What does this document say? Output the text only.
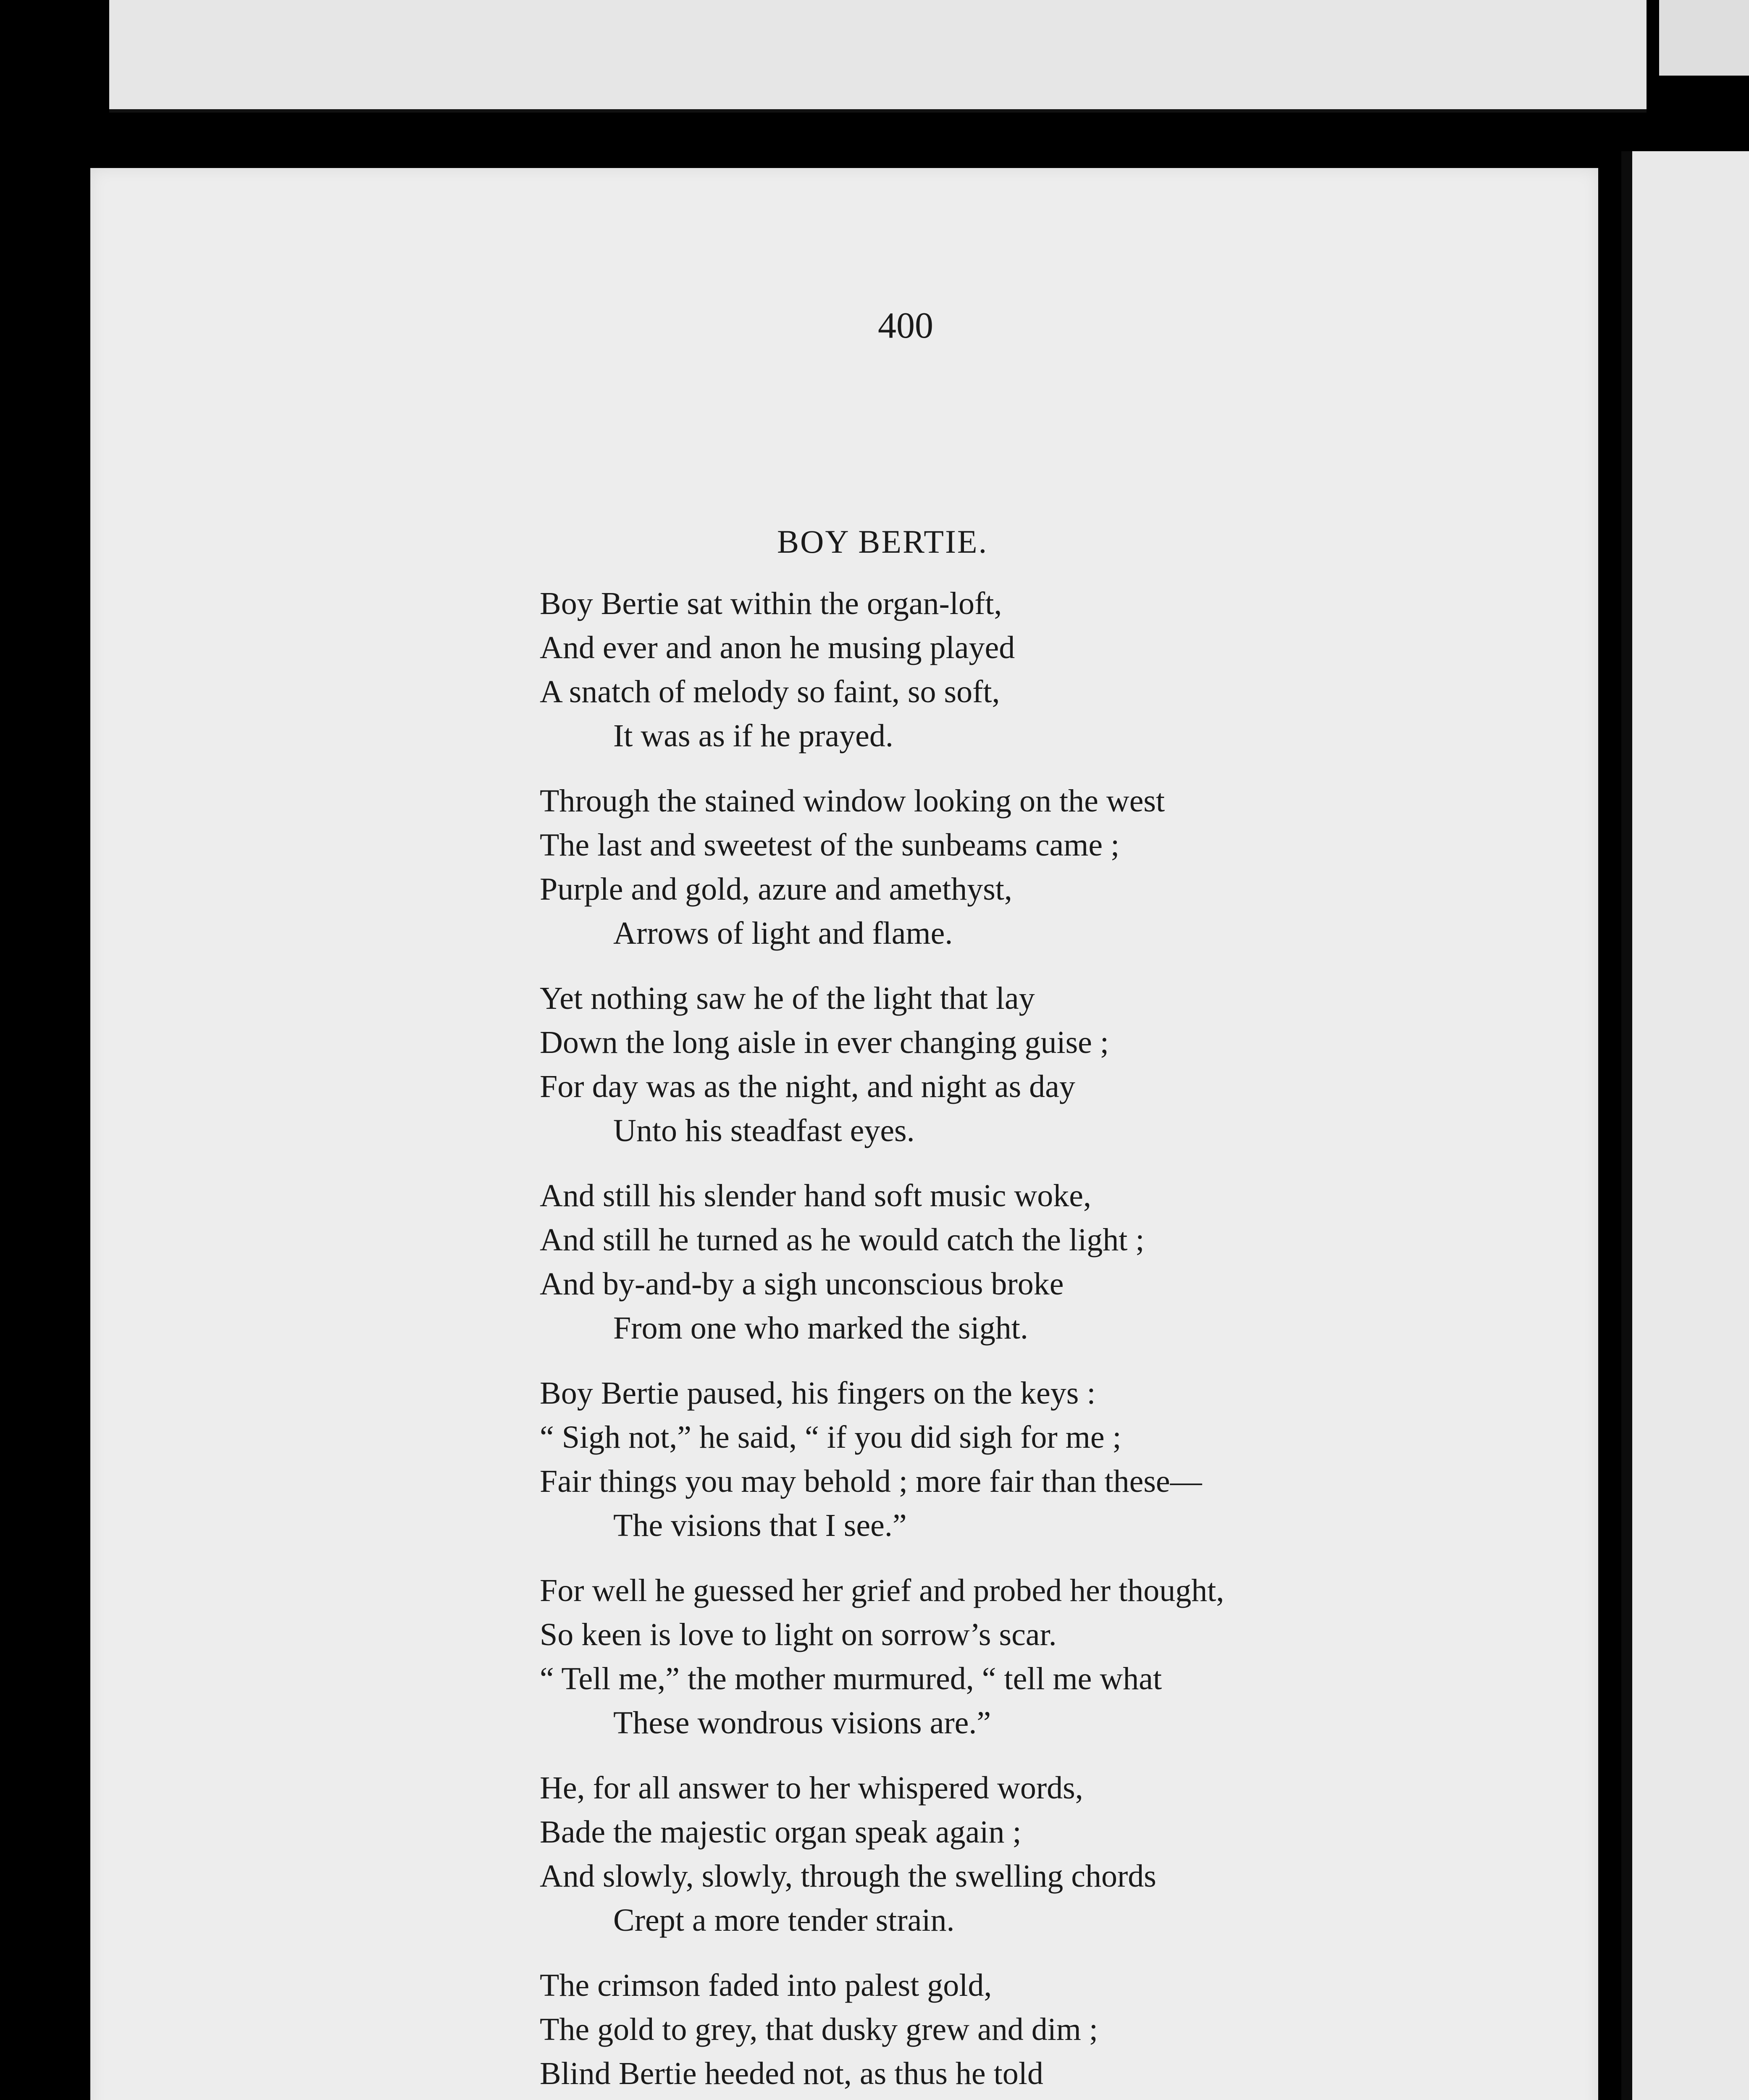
400
BOY BERTIE.
Boy Bertie sat within the organ-loft,
And ever and anon he musing played
A snatch of melody so faint, so soft,
It was as if he prayed.
Through the stained window looking on the west
The last and sweetest of the sunbeams came ;
Purple and gold, azure and amethyst,
Arrows of light and flame.
Yet nothing saw he of the light that lay
Down the long aisle in ever changing guise ;
For day was as the night, and night as day
Unto his steadfast eyes.
And still his slender hand soft music woke,
And still he turned as he would catch the light ;
And by-and-by a sigh unconscious broke
From one who marked the sight.
Boy Bertie paused, his fingers on the keys :
“ Sigh not,” he said, “ if you did sigh for me ;
Fair things you may behold ; more fair than these—
The visions that I see.”
For well he guessed her grief and probed her thought,
So keen is love to light on sorrow’s scar.
“ Tell me,” the mother murmured, “ tell me what
These wondrous visions are.”
He, for all answer to her whispered words,
Bade the majestic organ speak again ;
And slowly, slowly, through the swelling chords
Crept a more tender strain.
The crimson faded into palest gold,
The gold to grey, that dusky grew and dim ;
Blind Bertie heeded not, as thus he told
